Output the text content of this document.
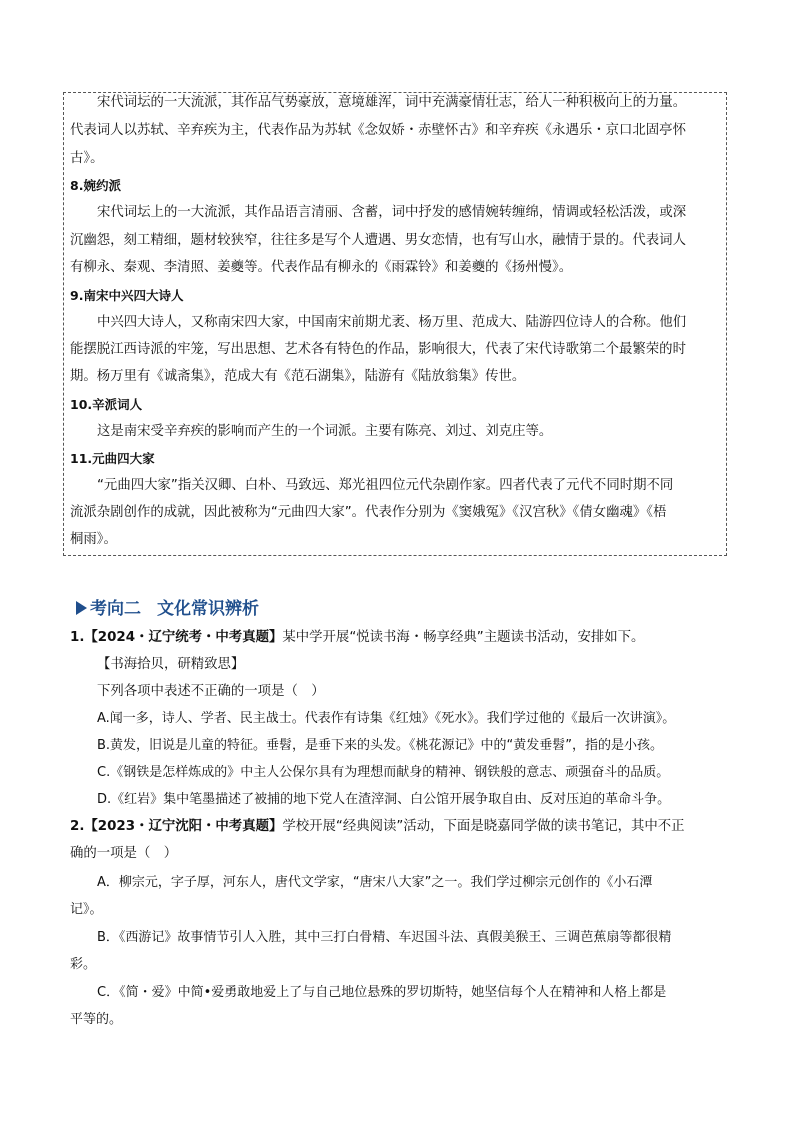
宋代词坛的一大流派，其作品气势豪放，意境雄浑，词中充满豪情壮志，给人一种积极向上的力量。
代表词人以苏轼、辛弃疾为主，代表作品为苏轼《念奴娇・赤壁怀古》和辛弃疾《永遇乐・京口北固亭怀
古》。
8.婉约派
宋代词坛上的一大流派，其作品语言清丽、含蓄，词中抒发的感情婉转缠绵，情调或轻松活泼，或深
沉幽怨，刻工精细，题材较狭窄，往往多是写个人遭遇、男女恋情，也有写山水，融情于景的。代表词人
有柳永、秦观、李清照、姜夔等。代表作品有柳永的《雨霖铃》和姜夔的《扬州慢》。
9.南宋中兴四大诗人
中兴四大诗人，又称南宋四大家，中国南宋前期尤袤、杨万里、范成大、陆游四位诗人的合称。他们
能摆脱江西诗派的牢笼，写出思想、艺术各有特色的作品，影响很大，代表了宋代诗歌第二个最繁荣的时
期。杨万里有《诚斋集》，范成大有《范石湖集》，陆游有《陆放翁集》传世。
10.辛派词人
这是南宋受辛弃疾的影响而产生的一个词派。主要有陈亮、刘过、刘克庄等。
11.元曲四大家
“元曲四大家”指关汉卿、白朴、马致远、郑光祖四位元代杂剧作家。四者代表了元代不同时期不同
流派杂剧创作的成就，因此被称为“元曲四大家”。代表作分别为《窦娥冤》《汉宫秋》《倩女幽魂》《梧
桐雨》。
考向二 文化常识辨析
1.【2024・辽宁统考・中考真题】某中学开展“悦读书海・畅享经典”主题读书活动，安排如下。
【书海拾贝，研精致思】
下列各项中表述不正确的一项是（　）
A.闻一多，诗人、学者、民主战士。代表作有诗集《红烛》《死水》。我们学过他的《最后一次讲演》。
B.黄发，旧说是儿童的特征。垂髫，是垂下来的头发。《桃花源记》中的“黄发垂髫”，指的是小孩。
C.《钢铁是怎样炼成的》中主人公保尔具有为理想而献身的精神、钢铁般的意志、顽强奋斗的品质。
D.《红岩》集中笔墨描述了被捕的地下党人在渣滓洞、白公馆开展争取自由、反对压迫的革命斗争。
2.【2023・辽宁沈阳・中考真题】学校开展“经典阅读”活动，下面是晓嘉同学做的读书笔记，其中不正
确的一项是（　）
A．柳宗元，字子厚，河东人，唐代文学家，“唐宋八大家”之一。我们学过柳宗元创作的《小石潭
记》。
B．《西游记》故事情节引人入胜，其中三打白骨精、车迟国斗法、真假美猴王、三调芭蕉扇等都很精
彩。
C．《简・爱》中简•爱勇敢地爱上了与自己地位悬殊的罗切斯特，她坚信每个人在精神和人格上都是
平等的。
